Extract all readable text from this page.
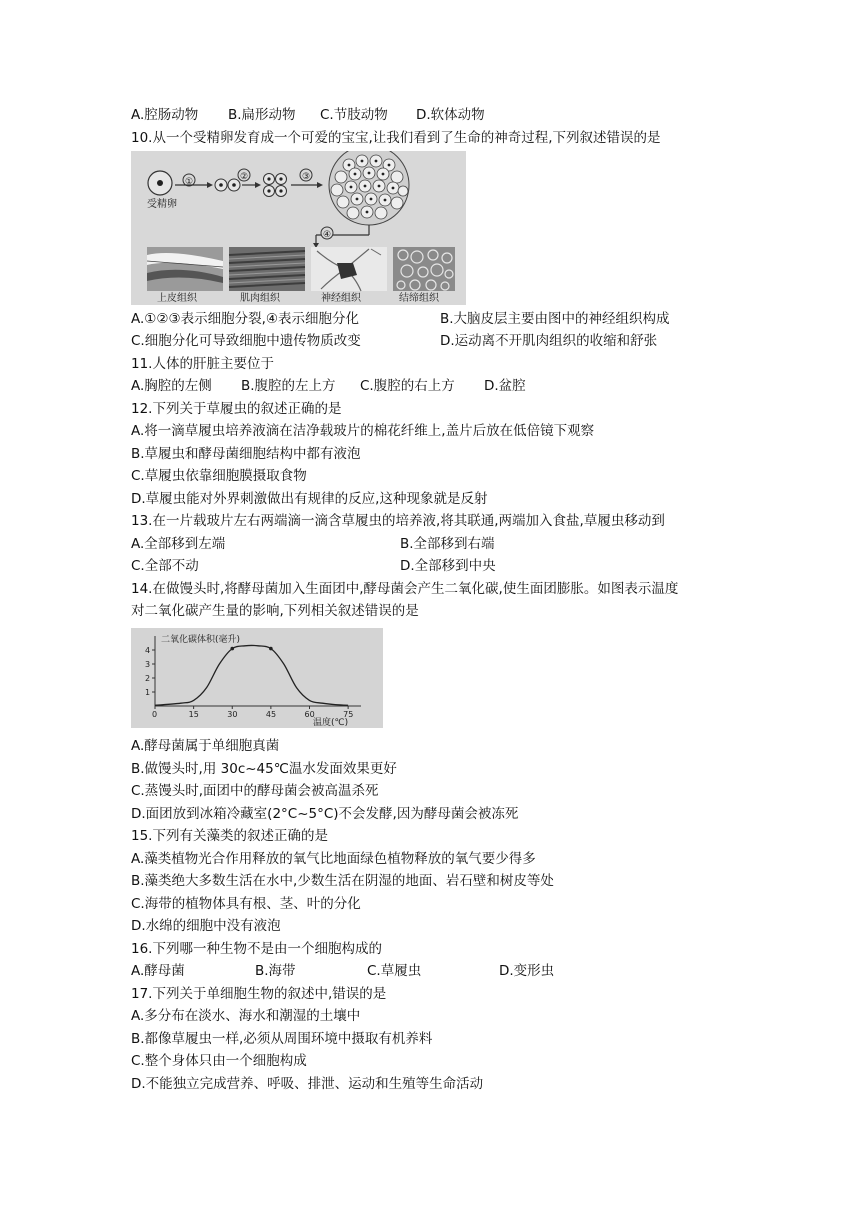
A.腔肠动物 B.扁形动物 C.节肢动物 D.软体动物
10.从一个受精卵发育成一个可爱的宝宝,让我们看到了生命的神奇过程,下列叙述错误的是
受精卵
①	②	③
④
上皮组织	肌肉组织	神经组织	结缔组织
A.①②③表示细胞分裂,④表示细胞分化	B.大脑皮层主要由图中的神经组织构成
C.细胞分化可导致细胞中遗传物质改变	D.运动离不开肌肉组织的收缩和舒张
11.人体的肝脏主要位于
A.胸腔的左侧 B.腹腔的左上方 C.腹腔的右上方 D.盆腔
12.下列关于草履虫的叙述正确的是
A.将一滴草履虫培养液滴在洁净载玻片的棉花纤维上,盖片后放在低倍镜下观察
B.草履虫和酵母菌细胞结构中都有液泡
C.草履虫依靠细胞膜摄取食物
D.草履虫能对外界刺激做出有规律的反应,这种现象就是反射
13.在一片载玻片左右两端滴一滴含草履虫的培养液,将其联通,两端加入食盐,草履虫移动到
A.全部移到左端	B.全部移到右端
C.全部不动	D.全部移到中央
14.在做馒头时,将酵母菌加入生面团中,酵母菌会产生二氧化碳,使生面团膨胀。如图表示温度
对二氧化碳产生量的影响,下列相关叙述错误的是
二氧化碳体积(毫升)
温度(℃)
0	15	30	45	60	75
1
2
3
4
A.酵母菌属于单细胞真菌
B.做馒头时,用 30c~45℃温水发面效果更好
C.蒸馒头时,面团中的酵母菌会被高温杀死
D.面团放到冰箱冷藏室(2°C~5°C)不会发酵,因为酵母菌会被冻死
15.下列有关藻类的叙述正确的是
A.藻类植物光合作用释放的氧气比地面绿色植物释放的氧气要少得多
B.藻类绝大多数生活在水中,少数生活在阴湿的地面、岩石壁和树皮等处
C.海带的植物体具有根、茎、叶的分化
D.水绵的细胞中没有液泡
16.下列哪一种生物不是由一个细胞构成的
A.酵母菌	B.海带	C.草履虫	D.变形虫
17.下列关于单细胞生物的叙述中,错误的是
A.多分布在淡水、海水和潮湿的土壤中
B.都像草履虫一样,必须从周围环境中摄取有机养料
C.整个身体只由一个细胞构成
D.不能独立完成营养、呼吸、排泄、运动和生殖等生命活动
